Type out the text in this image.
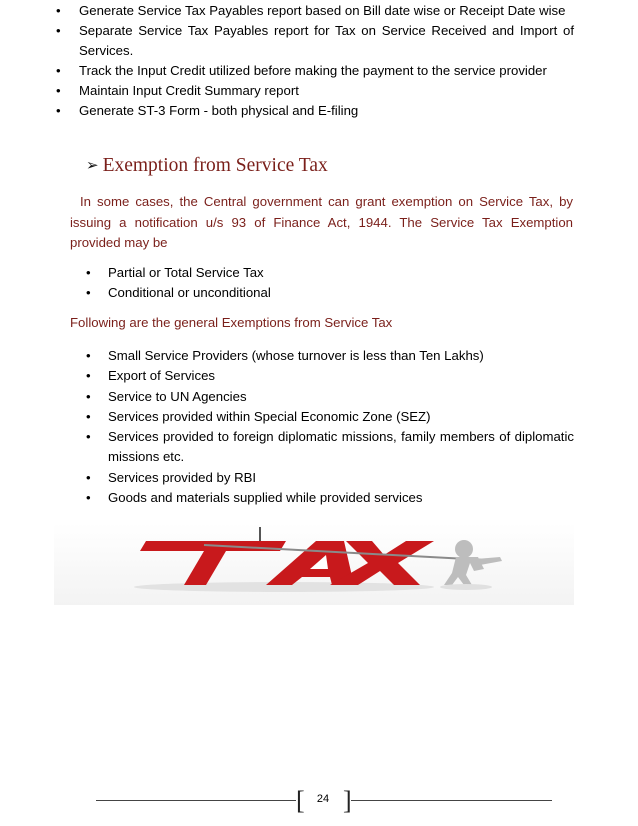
• Generate Service Tax Payables report based on Bill date wise or Receipt Date wise
• Separate Service Tax Payables report for Tax on Service Received and Import of Services.
• Track the Input Credit utilized before making the payment to the service provider
• Maintain Input Credit Summary report
• Generate ST-3 Form - both physical and E-filing
➢ Exemption from Service Tax

In some cases, the Central government can grant exemption on Service Tax, by issuing a notification u/s 93 of Finance Act, 1944. The Service Tax Exemption provided may be

• Partial or Total Service Tax
• Conditional or unconditional
Following are the general Exemptions from Service Tax
• Small Service Providers (whose turnover is less than Ten Lakhs)
• Export of Services
• Service to UN Agencies
• Services provided within Special Economic Zone (SEZ)
• Services provided to foreign diplomatic missions, family members of diplomatic missions etc.
• Services provided by RBI
• Goods and materials supplied while provided services
[	24 ]
